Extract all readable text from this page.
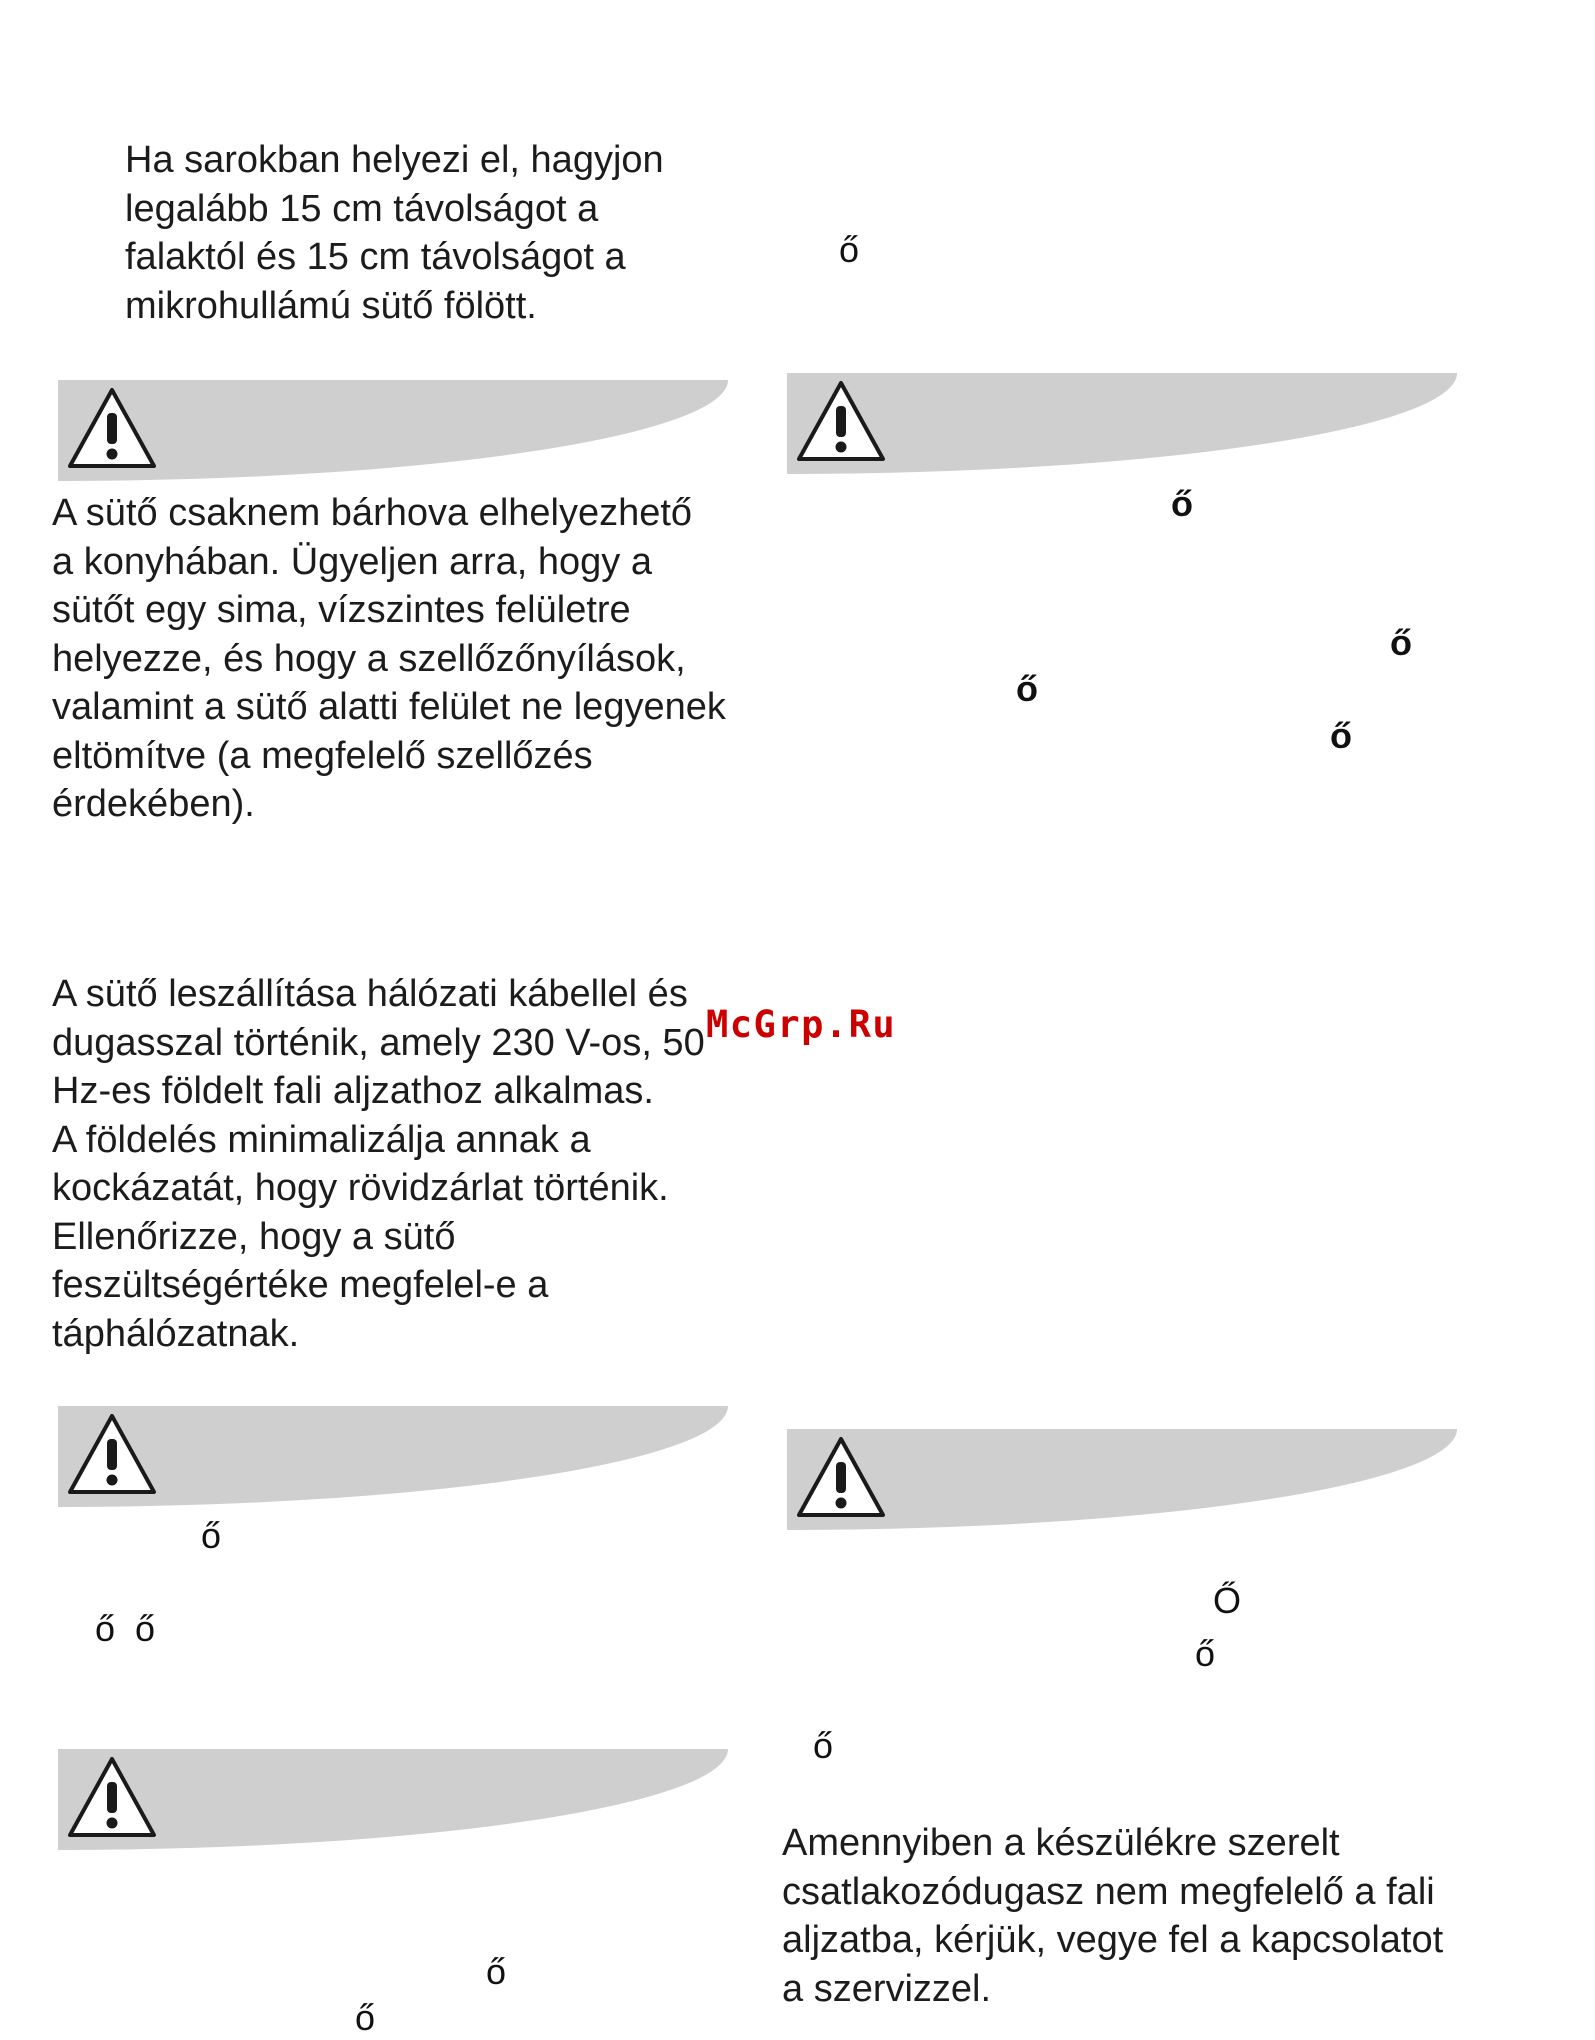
Ha sarokban helyezi el, hagyjon
legalább 15 cm távolságot a
falaktól és 15 cm távolságot a
mikrohullámú sütő fölött.

ő

A sütő csaknem bárhova elhelyezhető
a konyhában. Ügyeljen arra, hogy a
sütőt egy sima, vízszintes felületre
helyezze, és hogy a szellőzőnyílások,
valamint a sütő alatti felület ne legyenek
eltömítve (a megfelelő szellőzés
érdekében).

ő

ő

ő

ő

A sütő leszállítása hálózati kábellel és
dugasszal történik, amely 230 V-os, 50
Hz-es földelt fali aljzathoz alkalmas.
A földelés minimalizálja annak a
kockázatát, hogy rövidzárlat történik.
Ellenőrizze, hogy a sütő
feszültségértéke megfelel-e a
táphálózatnak.

McGrp.Ru

ő

ő  ő

Ő

ő

ő

Amennyiben a készülékre szerelt
csatlakozódugasz nem megfelelő a fali
aljzatba, kérjük, vegye fel a kapcsolatot
a szervizzel.

ő

ő
